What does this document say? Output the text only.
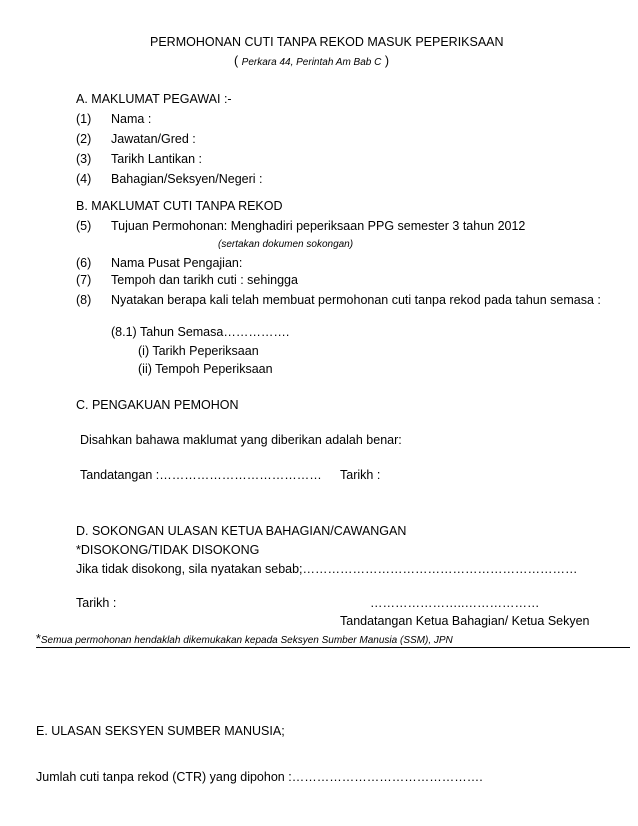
PERMOHONAN CUTI TANPA REKOD MASUK PEPERIKSAAN
( Perkara 44, Perintah Am Bab C )
A. MAKLUMAT PEGAWAI :-
(1) Nama :
(2) Jawatan/Gred :
(3) Tarikh Lantikan :
(4) Bahagian/Seksyen/Negeri :
B. MAKLUMAT CUTI TANPA REKOD
(5) Tujuan Permohonan: Menghadiri peperiksaan PPG semester 3 tahun 2012
(sertakan dokumen sokongan)
(6) Nama Pusat Pengajian:
(7) Tempoh dan tarikh cuti : sehingga
(8) Nyatakan berapa kali telah membuat permohonan cuti tanpa rekod pada tahun semasa :
(8.1) Tahun Semasa…………….
(i) Tarikh Peperiksaan
(ii) Tempoh Peperiksaan
C. PENGAKUAN PEMOHON
Disahkan bahawa maklumat yang diberikan adalah benar:
Tandatangan :………………………………… Tarikh :
D. SOKONGAN ULASAN KETUA BAHAGIAN/CAWANGAN
*DISOKONG/TIDAK DISOKONG
Jika tidak disokong, sila nyatakan sebab;…………………………………………………………
Tarikh :	…………………..………………
Tandatangan Ketua Bahagian/ Ketua Sekyen
*Semua permohonan hendaklah dikemukakan kepada Seksyen Sumber Manusia (SSM), JPN
E. ULASAN SEKSYEN SUMBER MANUSIA;
Jumlah cuti tanpa rekod (CTR) yang dipohon :……………………………………….
